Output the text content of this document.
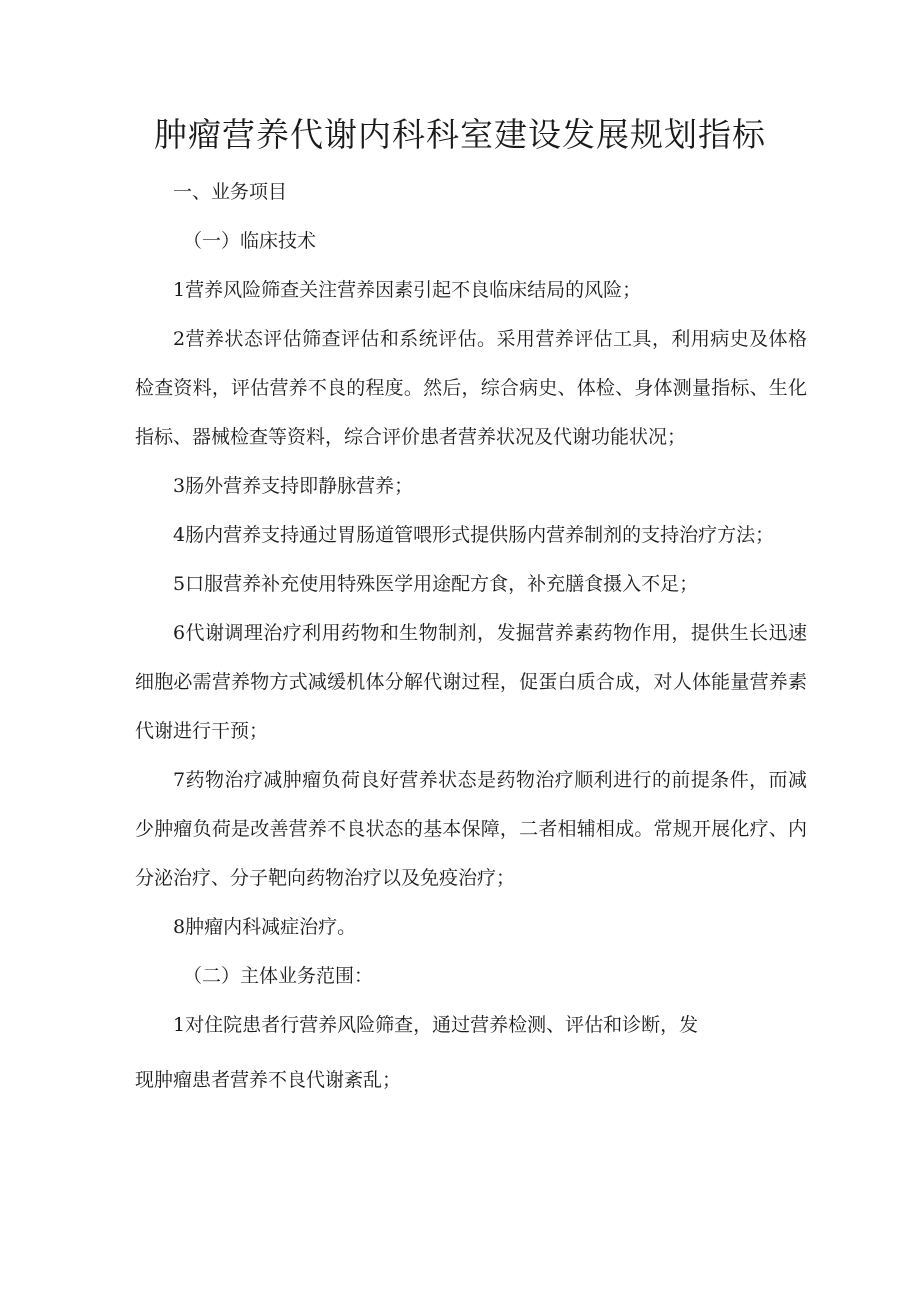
肿瘤营养代谢内科科室建设发展规划指标

一、业务项目

（一）临床技术

1营养风险筛查关注营养因素引起不良临床结局的风险；

2营养状态评估筛查评估和系统评估。采用营养评估工具，利用病史及体格检查资料，评估营养不良的程度。然后，综合病史、体检、身体测量指标、生化指标、器械检查等资料，综合评价患者营养状况及代谢功能状况；

3肠外营养支持即静脉营养；

4肠内营养支持通过胃肠道管喂形式提供肠内营养制剂的支持治疗方法；

5口服营养补充使用特殊医学用途配方食，补充膳食摄入不足；

6代谢调理治疗利用药物和生物制剂，发掘营养素药物作用，提供生长迅速细胞必需营养物方式减缓机体分解代谢过程，促蛋白质合成，对人体能量营养素代谢进行干预；

7药物治疗减肿瘤负荷良好营养状态是药物治疗顺利进行的前提条件，而减少肿瘤负荷是改善营养不良状态的基本保障，二者相辅相成。常规开展化疗、内分泌治疗、分子靶向药物治疗以及免疫治疗；

8肿瘤内科减症治疗。

（二）主体业务范围：

1对住院患者行营养风险筛查，通过营养检测、评估和诊断，发

现肿瘤患者营养不良代谢紊乱；
